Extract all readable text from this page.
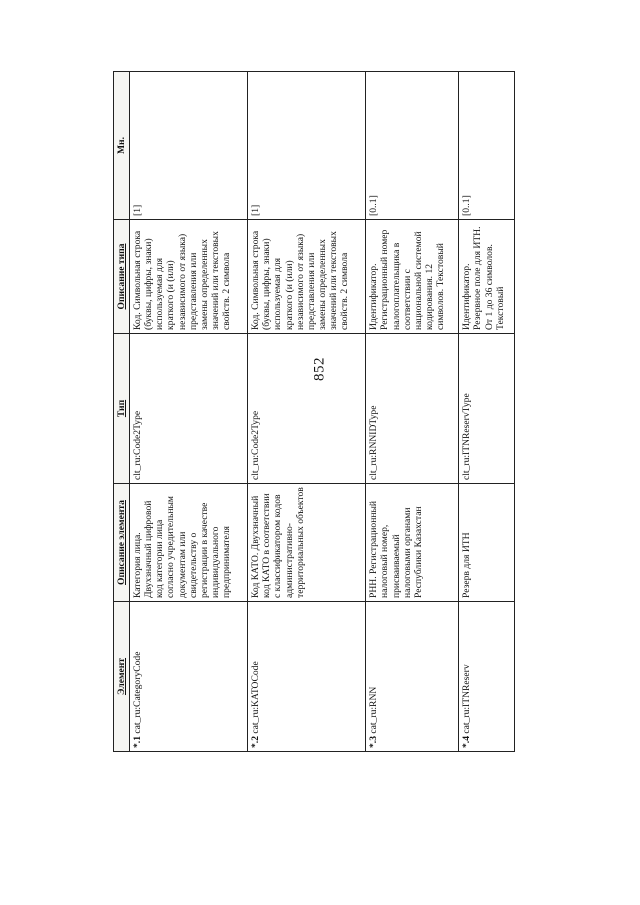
852
Элемент	Описание элемента	Тип	Описание типа	Мн.
*.1 cat_ru:CategoryCode	Категория лица. Двухзначный цифровой код категории лица согласно учредительным документам или свидетельству о регистрации в качестве индивидуального предпринимателя	clt_ru:Code2Type	Код. Символьная строка (буквы, цифры, знаки) используемая для краткого (и (или) независимого от языка) представления или замены определенных значений или текстовых свойств. 2 символа	[1]
*.2 cat_ru:KATOCode	Код КАТО. Двухзначный код КАТО в соответствии с классификатором кодов административно-территориальных объектов	clt_ru:Code2Type	Код. Символьная строка (буквы, цифры, знаки) используемая для краткого (и (или) независимого от языка) представления или замены определенных значений или текстовых свойств. 2 символа	[1]
*.3 cat_ru:RNN	РНН. Регистрационный налоговый номер, присваиваемый налоговыми органами Республики Казахстан	clt_ru:RNNIDType	Идентификатор. Регистрационный номер налогоплательщика в соответствии с национальной системой кодирования. 12 символов. Текстовый	[0..1]
*.4 cat_ru:ITNReserv	Резерв для ИТН	clt_ru:ITNReservType	Идентификатор. Резервное поле для ИТН. От 1 до 36 символов. Текстовый	[0..1]
